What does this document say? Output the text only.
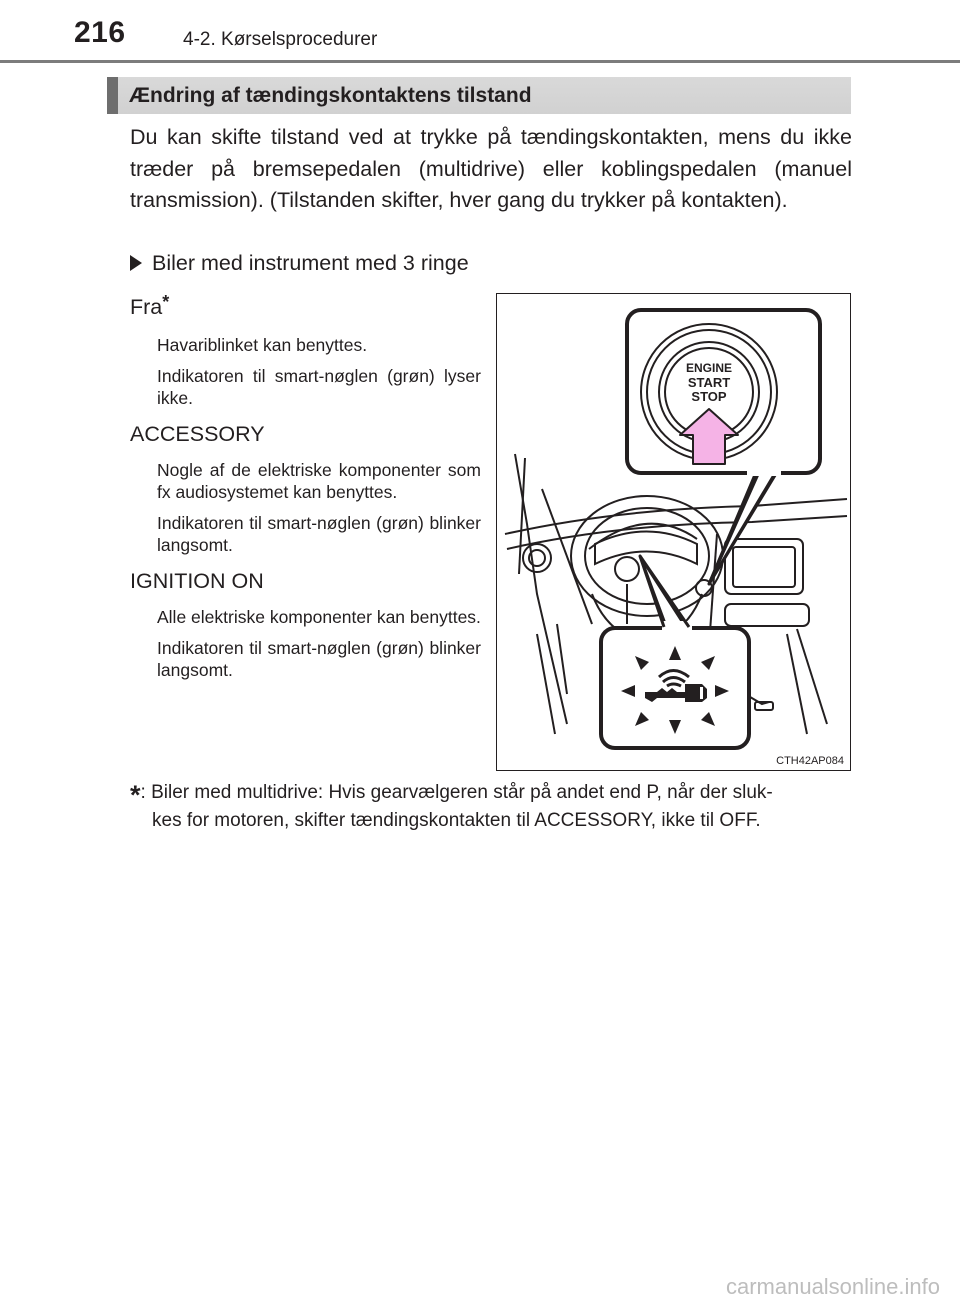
216	4-2. Kørselsprocedurer
Ændring af tændingskontaktens tilstand
Du kan skifte tilstand ved at trykke på tændingskontakten, mens du ikke træder på bremsepedalen (multidrive) eller koblingspedalen (manuel transmission). (Tilstanden skifter, hver gang du trykker på kontakten).
Biler med instrument med 3 ringe

Fra*

Havariblinket kan benyttes.

Indikatoren til smart-nøglen (grøn) lyser ikke.

ACCESSORY

Nogle af de elektriske komponenter som fx audiosystemet kan benyttes.

Indikatoren til smart-nøglen (grøn) blinker langsomt.

IGNITION ON

Alle elektriske komponenter kan benyttes.

Indikatoren til smart-nøglen (grøn) blinker langsomt.

ENGINE
START
STOP
CTH42AP084
*: Biler med multidrive: Hvis gearvælgeren står på andet end P, når der sluk-
kes for motoren, skifter tændingskontakten til ACCESSORY, ikke til OFF.
carmanualsonline.info
